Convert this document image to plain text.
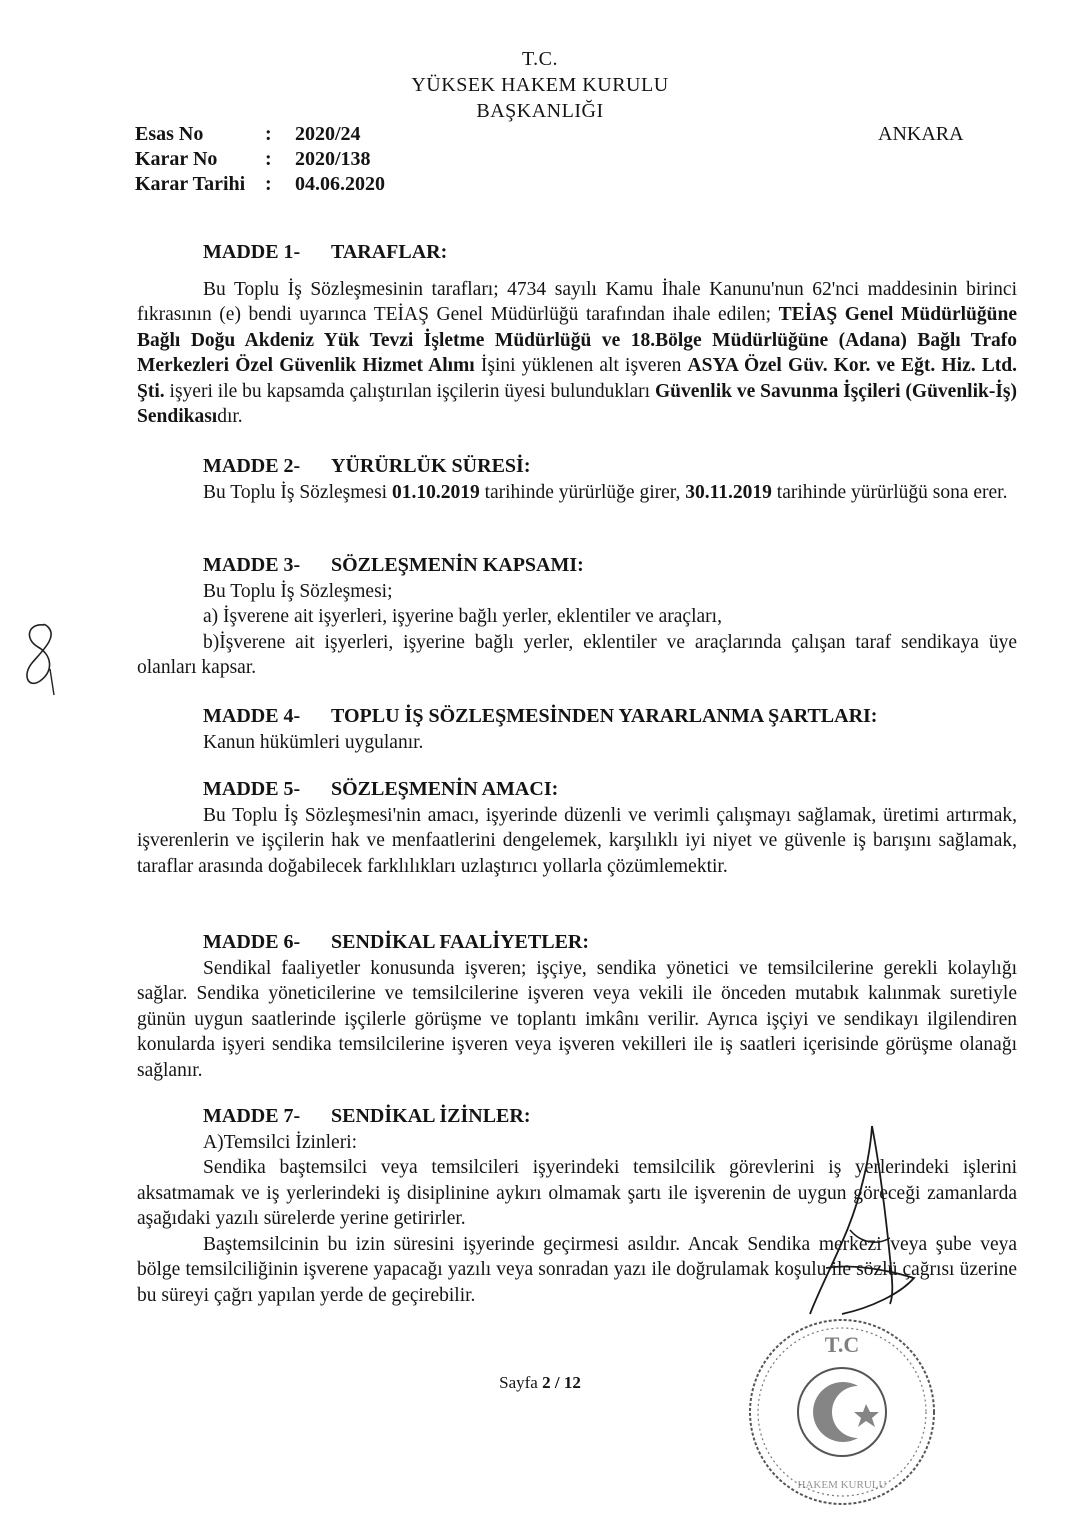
T.C.
YÜKSEK HAKEM KURULU
BAŞKANLIĞI
ANKARA
Esas No	: 2020/24
Karar No : 2020/138
Karar Tarihi : 04.06.2020

MADDE 1- TARAFLAR:

Bu Toplu İş Sözleşmesinin tarafları; 4734 sayılı Kamu İhale Kanunu'nun 62'nci maddesinin birinci fıkrasının (e) bendi uyarınca TEİAŞ Genel Müdürlüğü tarafından ihale edilen; TEİAŞ Genel Müdürlüğüne Bağlı Doğu Akdeniz Yük Tevzi İşletme Müdürlüğü ve 18.Bölge Müdürlüğüne (Adana) Bağlı Trafo Merkezleri Özel Güvenlik Hizmet Alımı İşini yüklenen alt işveren ASYA Özel Güv. Kor. ve Eğt. Hiz. Ltd. Şti. işyeri ile bu kapsamda çalıştırılan işçilerin üyesi bulundukları Güvenlik ve Savunma İşçileri (Güvenlik-İş) Sendikasıdır.

MADDE 2- YÜRÜRLÜK SÜRESİ:

Bu Toplu İş Sözleşmesi 01.10.2019 tarihinde yürürlüğe girer, 30.11.2019 tarihinde yürürlüğü sona erer.

MADDE 3- SÖZLEŞMENİN KAPSAMI:

Bu Toplu İş Sözleşmesi;

a) İşverene ait işyerleri, işyerine bağlı yerler, eklentiler ve araçları,

b)İşverene ait işyerleri, işyerine bağlı yerler, eklentiler ve araçlarında çalışan taraf sendikaya üye olanları kapsar.

MADDE 4- TOPLU İŞ SÖZLEŞMESİNDEN YARARLANMA ŞARTLARI:

Kanun hükümleri uygulanır.

MADDE 5- SÖZLEŞMENİN AMACI:

Bu Toplu İş Sözleşmesi'nin amacı, işyerinde düzenli ve verimli çalışmayı sağlamak, üretimi artırmak, işverenlerin ve işçilerin hak ve menfaatlerini dengelemek, karşılıklı iyi niyet ve güvenle iş barışını sağlamak, taraflar arasında doğabilecek farklılıkları uzlaştırıcı yollarla çözümlemektir.

MADDE 6- SENDİKAL FAALİYETLER:

Sendikal faaliyetler konusunda işveren; işçiye, sendika yönetici ve temsilcilerine gerekli kolaylığı sağlar. Sendika yöneticilerine ve temsilcilerine işveren veya vekili ile önceden mutabık kalınmak suretiyle günün uygun saatlerinde işçilerle görüşme ve toplantı imkânı verilir. Ayrıca işçiyi ve sendikayı ilgilendiren konularda işyeri sendika temsilcilerine işveren veya işveren vekilleri ile iş saatleri içerisinde görüşme olanağı sağlanır.

MADDE 7- SENDİKAL İZİNLER:

A)Temsilci İzinleri:

Sendika baştemsilci veya temsilcileri işyerindeki temsilcilik görevlerini iş yerlerindeki işlerini aksatmamak ve iş yerlerindeki iş disiplinine aykırı olmamak şartı ile işverenin de uygun göreceği zamanlarda aşağıdaki yazılı sürelerde yerine getirirler.

Baştemsilcinin bu izin süresini işyerinde geçirmesi asıldır. Ancak Sendika merkezi veya şube veya bölge temsilciliğinin işverene yapacağı yazılı veya sonradan yazı ile doğrulamak koşulu ile sözlü çağrısı üzerine bu süreyi çağrı yapılan yerde de geçirebilir.

Sayfa 2 / 12
T.C
HAKEM KURULU
